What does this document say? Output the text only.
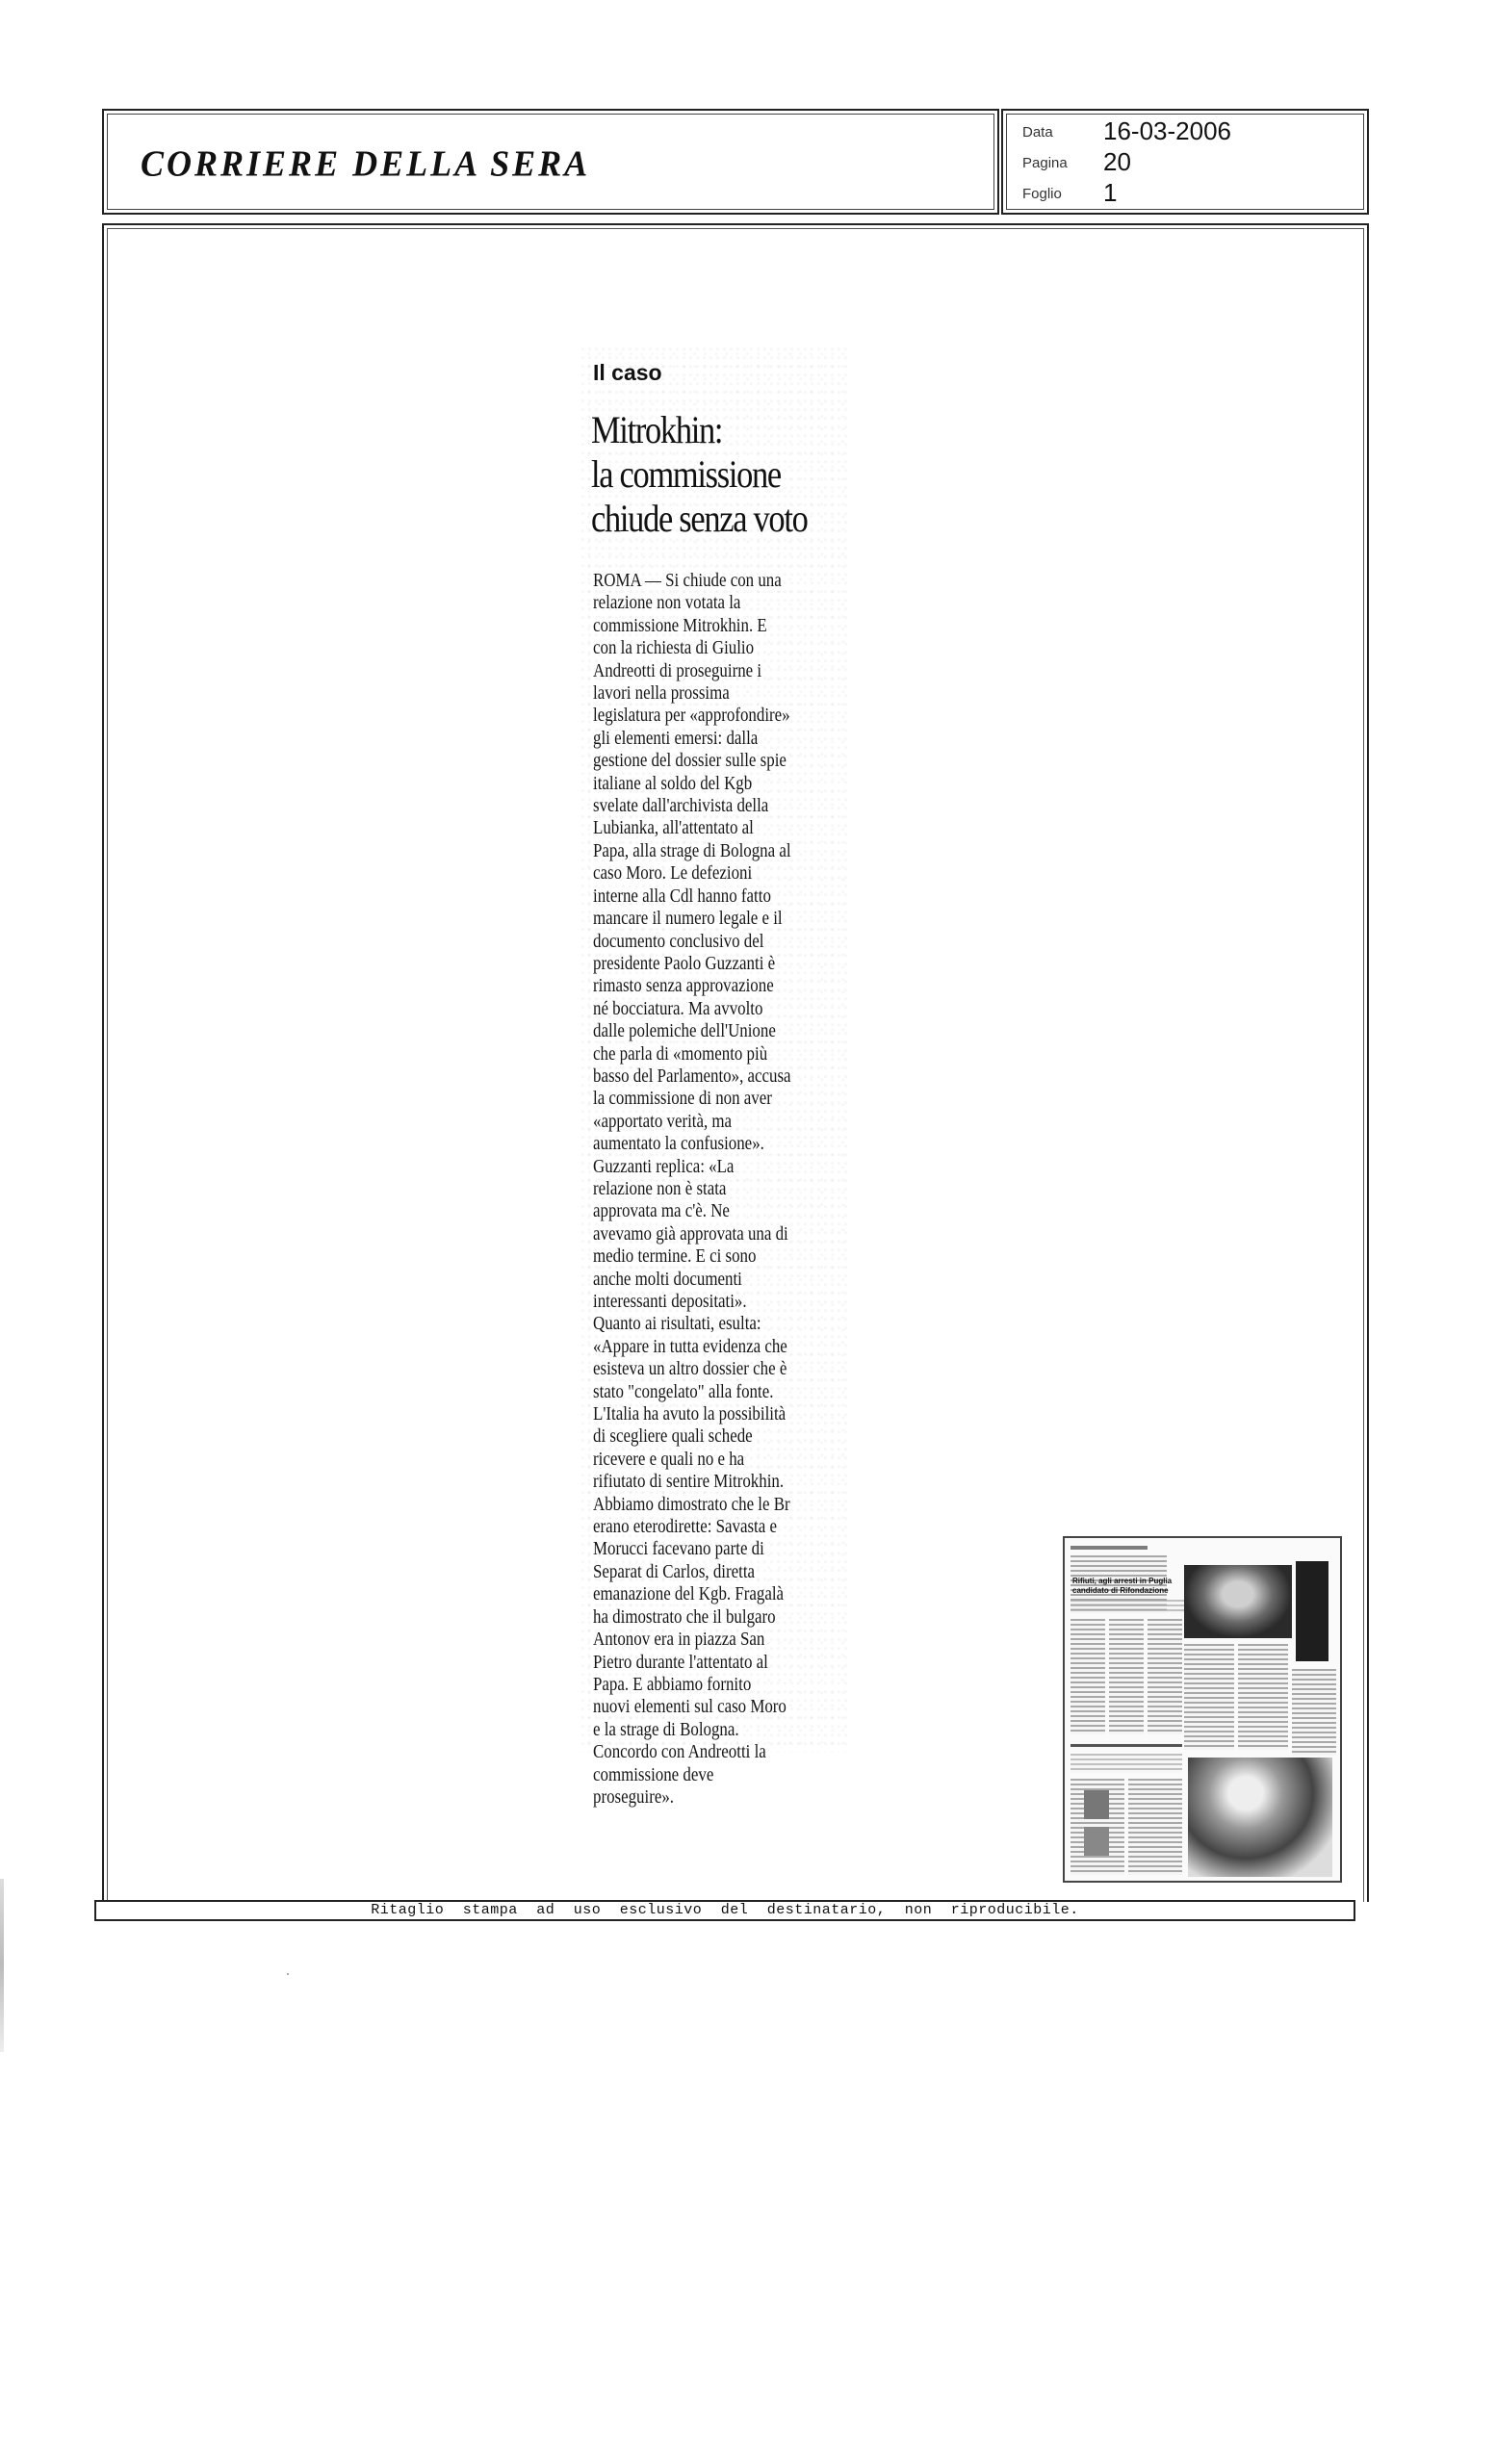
CORRIERE DELLA SERA
Data 16-03-2006
Pagina 20
Foglio 1
Il caso
Mitrokhin:
la commissione
chiude senza voto
ROMA — Si chiude con una
relazione non votata la
commissione Mitrokhin. E
con la richiesta di Giulio
Andreotti di proseguirne i
lavori nella prossima
legislatura per «approfondire»
gli elementi emersi: dalla
gestione del dossier sulle spie
italiane al soldo del Kgb
svelate dall'archivista della
Lubianka, all'attentato al
Papa, alla strage di Bologna al
caso Moro. Le defezioni
interne alla Cdl hanno fatto
mancare il numero legale e il
documento conclusivo del
presidente Paolo Guzzanti è
rimasto senza approvazione
né bocciatura. Ma avvolto
dalle polemiche dell'Unione
che parla di «momento più
basso del Parlamento», accusa
la commissione di non aver
«apportato verità, ma
aumentato la confusione».
Guzzanti replica: «La
relazione non è stata
approvata ma c'è. Ne
avevamo già approvata una di
medio termine. E ci sono
anche molti documenti
interessanti depositati».
Quanto ai risultati, esulta:
«Appare in tutta evidenza che
esisteva un altro dossier che è
stato "congelato" alla fonte.
L'Italia ha avuto la possibilità
di scegliere quali schede
ricevere e quali no e ha
rifiutato di sentire Mitrokhin.
Abbiamo dimostrato che le Br
erano eterodirette: Savasta e
Morucci facevano parte di
Separat di Carlos, diretta
emanazione del Kgb. Fragalà
ha dimostrato che il bulgaro
Antonov era in piazza San
Pietro durante l'attentato al
Papa. E abbiamo fornito
nuovi elementi sul caso Moro
e la strage di Bologna.
Concordo con Andreotti la
commissione deve
proseguire».
Rifiuti, agli arresti in Puglia
candidato di Rifondazione
Ritaglio stampa ad uso esclusivo del destinatario, non riproducibile.
